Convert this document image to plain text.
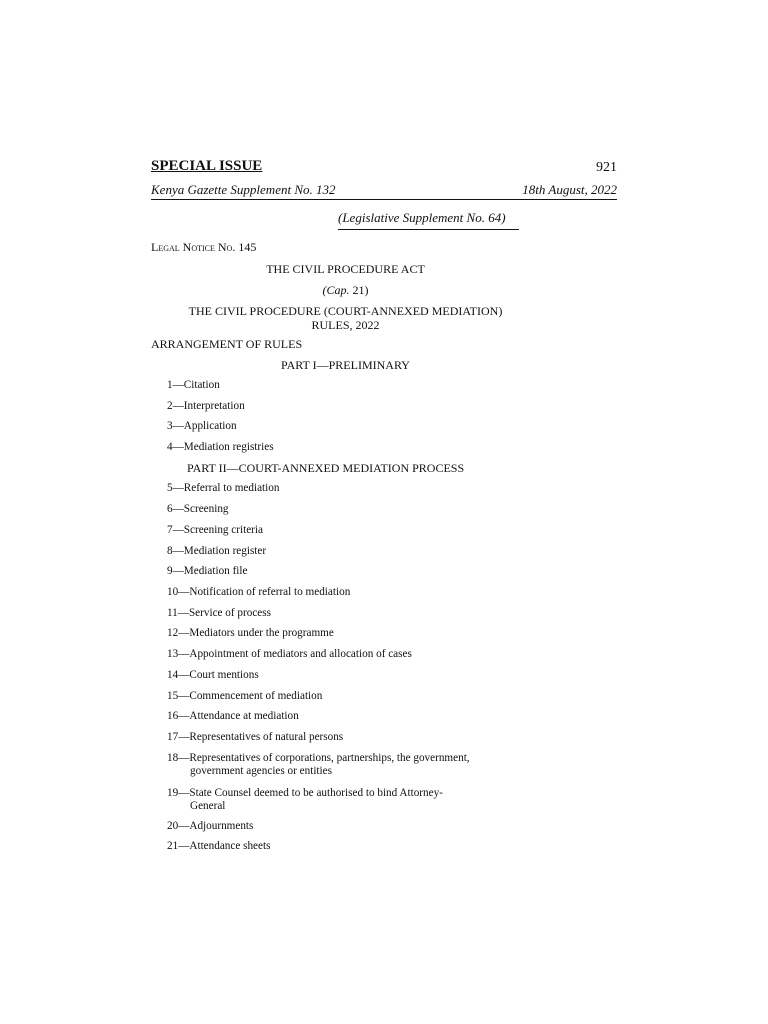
SPECIAL ISSUE	921
Kenya Gazette Supplement No. 132	18th August, 2022
(Legislative Supplement No. 64)
Legal Notice No. 145
THE CIVIL PROCEDURE ACT
(Cap. 21)
THE CIVIL PROCEDURE (COURT-ANNEXED MEDIATION)
RULES, 2022
ARRANGEMENT OF RULES
PART I—PRELIMINARY
1—Citation
2—Interpretation
3—Application
4—Mediation registries
PART II—COURT-ANNEXED MEDIATION PROCESS
5—Referral to mediation
6—Screening
7—Screening criteria
8—Mediation register
9—Mediation file
10—Notification of referral to mediation
11—Service of process
12—Mediators under the programme
13—Appointment of mediators and allocation of cases
14—Court mentions
15—Commencement of mediation
16—Attendance at mediation
17—Representatives of natural persons
18—Representatives of corporations, partnerships, the government,
government agencies or entities
19—State Counsel deemed to be authorised to bind Attorney-
General
20—Adjournments
21—Attendance sheets
